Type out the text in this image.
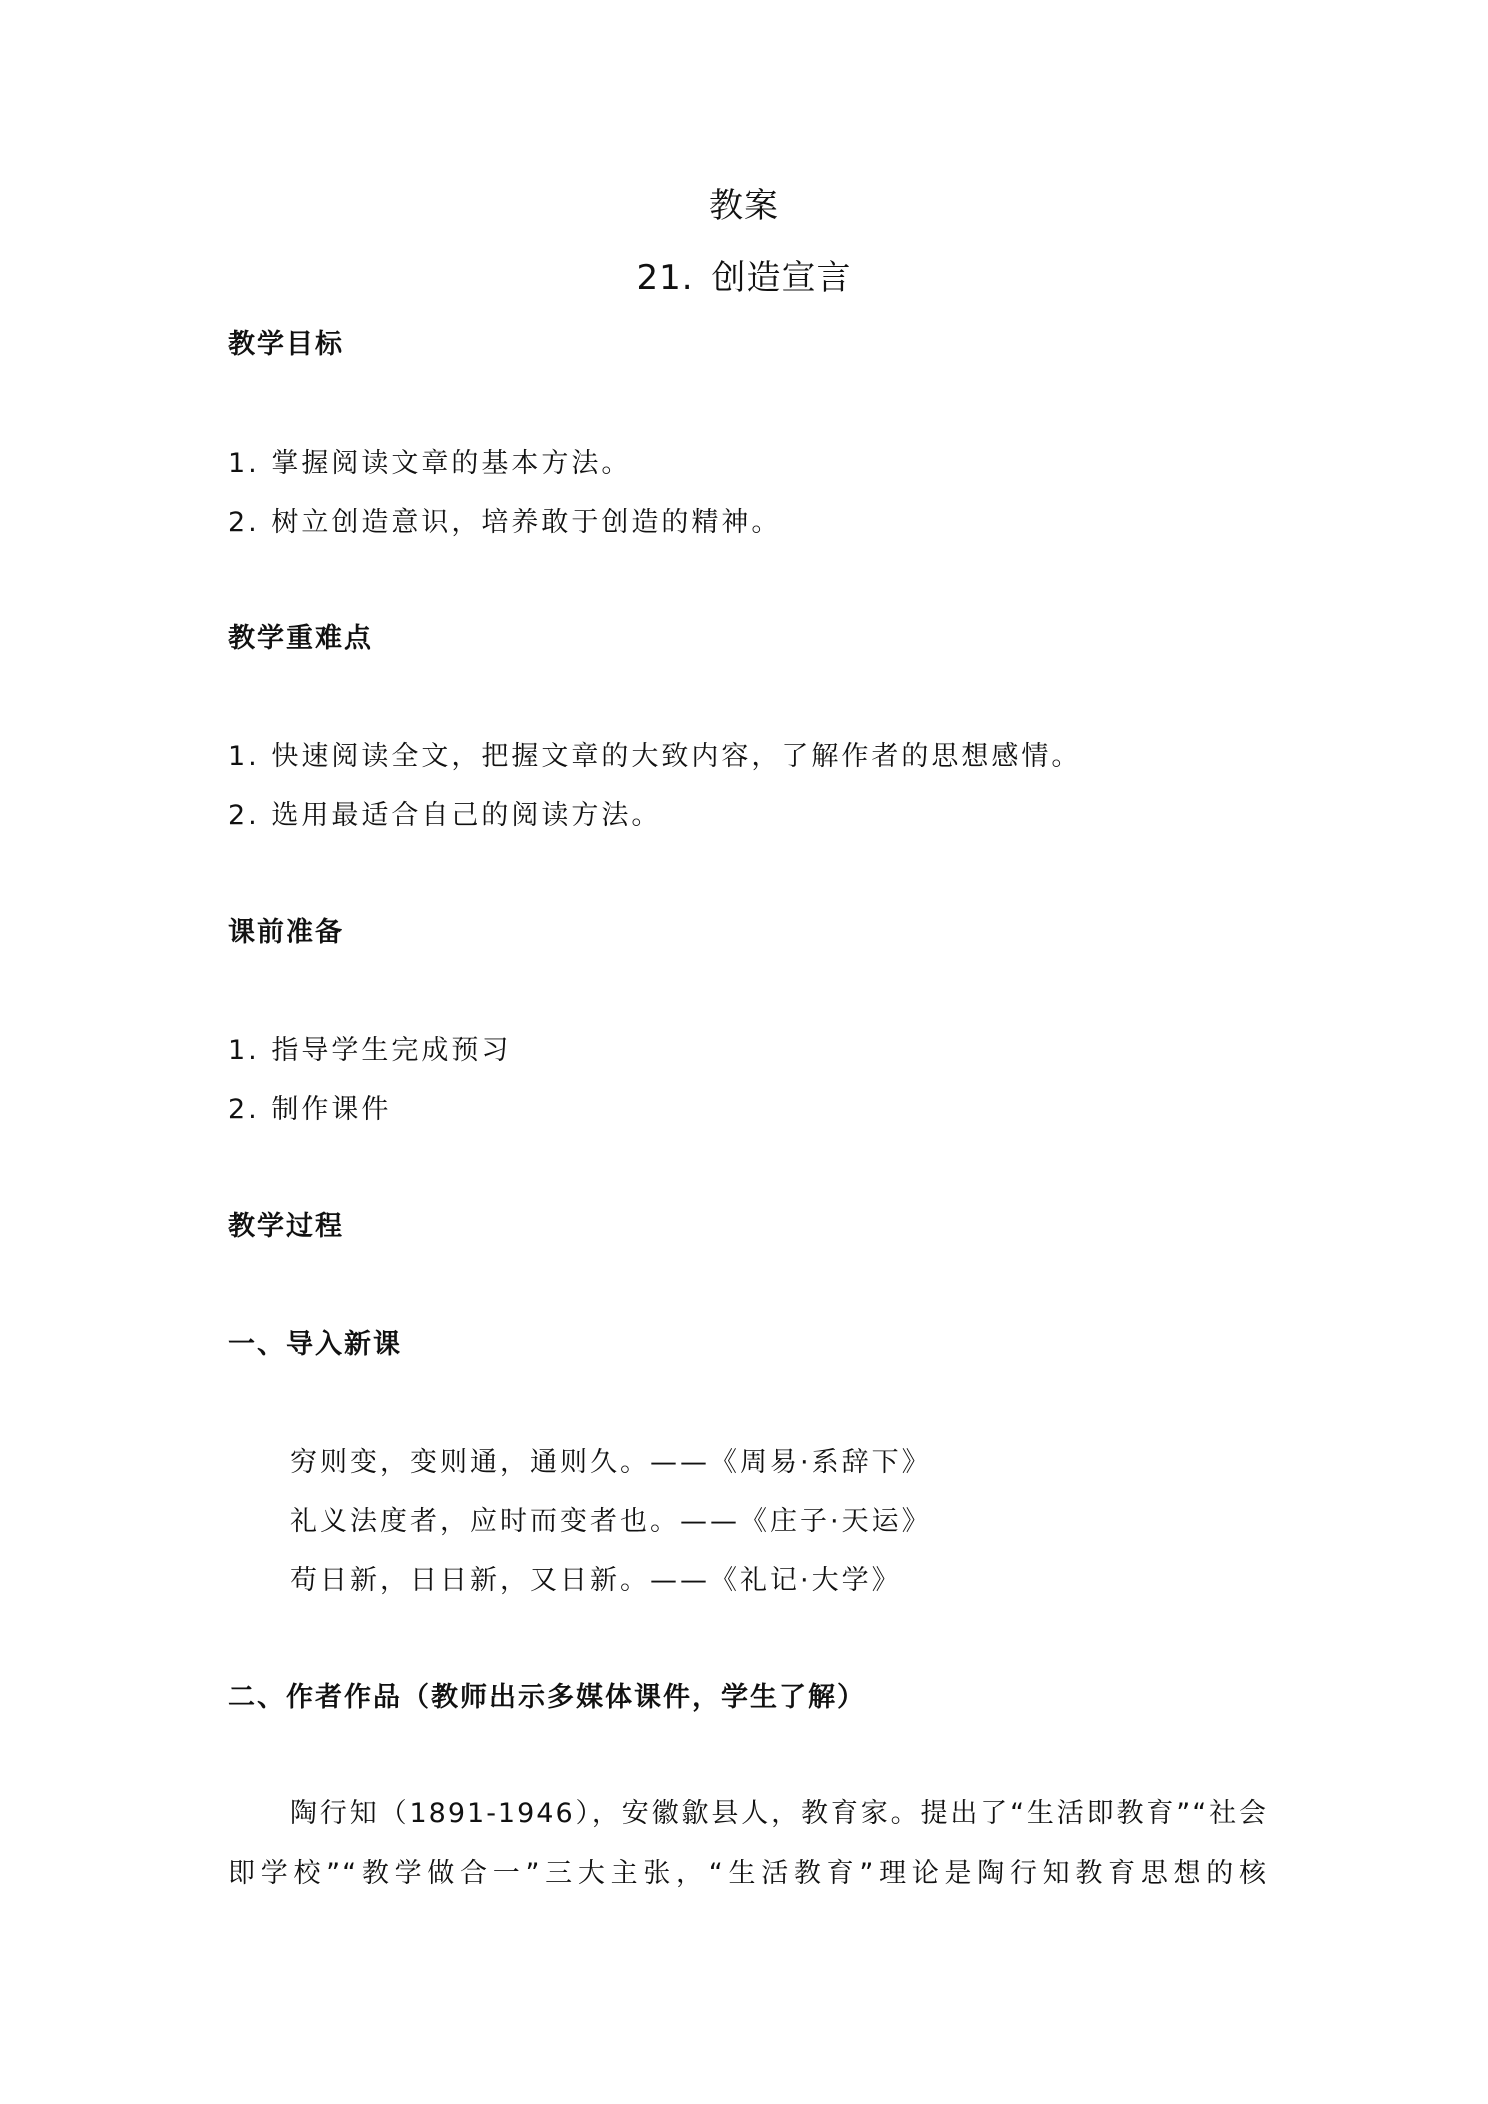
教案
21. 创造宣言
教学目标
1. 掌握阅读文章的基本方法。
2. 树立创造意识，培养敢于创造的精神。
教学重难点
1. 快速阅读全文，把握文章的大致内容，了解作者的思想感情。
2. 选用最适合自己的阅读方法。
课前准备
1. 指导学生完成预习
2. 制作课件
教学过程
一、导入新课
穷则变，变则通，通则久。——《周易·系辞下》
礼义法度者，应时而变者也。——《庄子·天运》
苟日新，日日新，又日新。——《礼记·大学》
二、作者作品（教师出示多媒体课件，学生了解）

陶行知（1891-1946），安徽歙县人，教育家。提出了“生活即教育”“社会即学校”“教学做合一”三大主张，“生活教育”理论是陶行知教育思想的核
